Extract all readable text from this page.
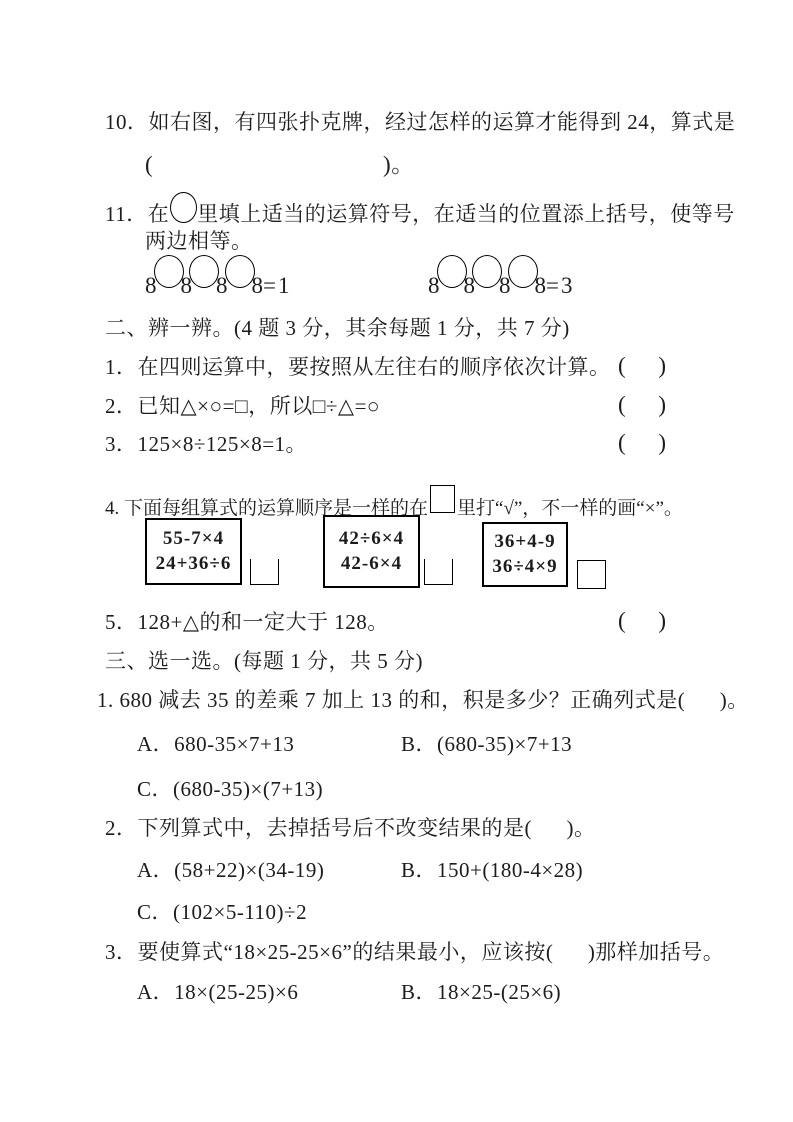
10．如右图，有四张扑克牌，经过怎样的运算才能得到 24，算式是
(	)。
11．在 里填上适当的运算符号，在适当的位置添上括号，使等号
两边相等。
8 8 8 8 =1	8 8 8 8 =3
二、辨一辨。(4 题 3 分，其余每题 1 分，共 7 分)
1．在四则运算中，要按照从左往右的顺序依次计算。 ( )
2．已知△×○=□，所以□÷△=○	( )
3．125×8÷125×8=1。	( )
4. 下面每组算式的运算顺序是一样的在 里打“√”，不一样的画“×”。
55-7×4
24+36÷6
42÷6×4
42-6×4
36+4-9
36÷4×9
5．128+△的和一定大于 128。	( )
三、选一选。(每题 1 分，共 5 分)
1. 680 减去 35 的差乘 7 加上 13 的和，积是多少？正确列式是(      )。
A．680-35×7+13	B．(680-35)×7+13
C．(680-35)×(7+13)
2．下列算式中，去掉括号后不改变结果的是(      )。
A．(58+22)×(34-19)	B．150+(180-4×28)
C．(102×5-110)÷2
3．要使算式“18×25-25×6”的结果最小，应该按(      )那样加括号。
A．18×(25-25)×6	B．18×25-(25×6)
